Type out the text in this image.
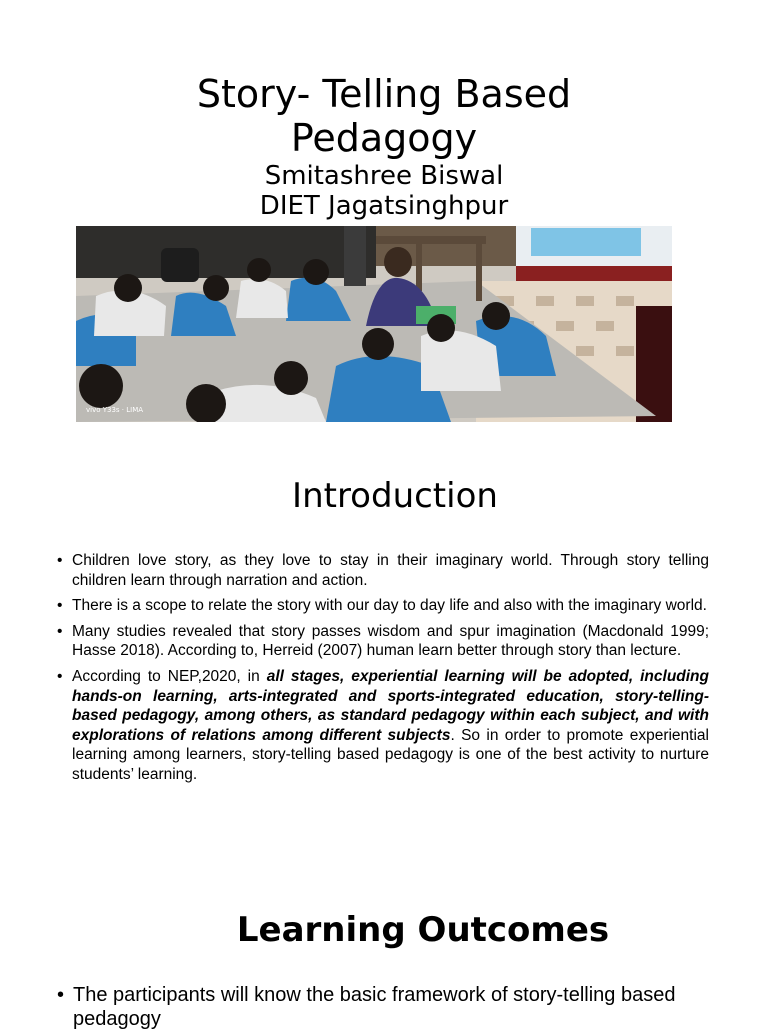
Story- Telling Based
Pedagogy
Smitashree Biswal
DIET Jagatsinghpur
vivo Y33s · LIMA
Introduction
• Children love story, as they love to stay in their imaginary world. Through story telling children learn through narration and action.
• There is a scope to relate the story with our day to day life and also with the imaginary world.
• Many studies revealed that story passes wisdom and spur imagination (Macdonald 1999; Hasse 2018). According to, Herreid (2007) human learn better through story than lecture.
• According to NEP,2020, in all stages, experiential learning will be adopted, including hands-on learning, arts-integrated and sports-integrated education, story-telling-based pedagogy, among others, as standard pedagogy within each subject, and with explorations of relations among different subjects. So in order to promote experiential learning among learners, story-telling based pedagogy is one of the best activity to nurture students’ learning.
Learning Outcomes
• The participants will know the basic framework of story-telling based pedagogy
